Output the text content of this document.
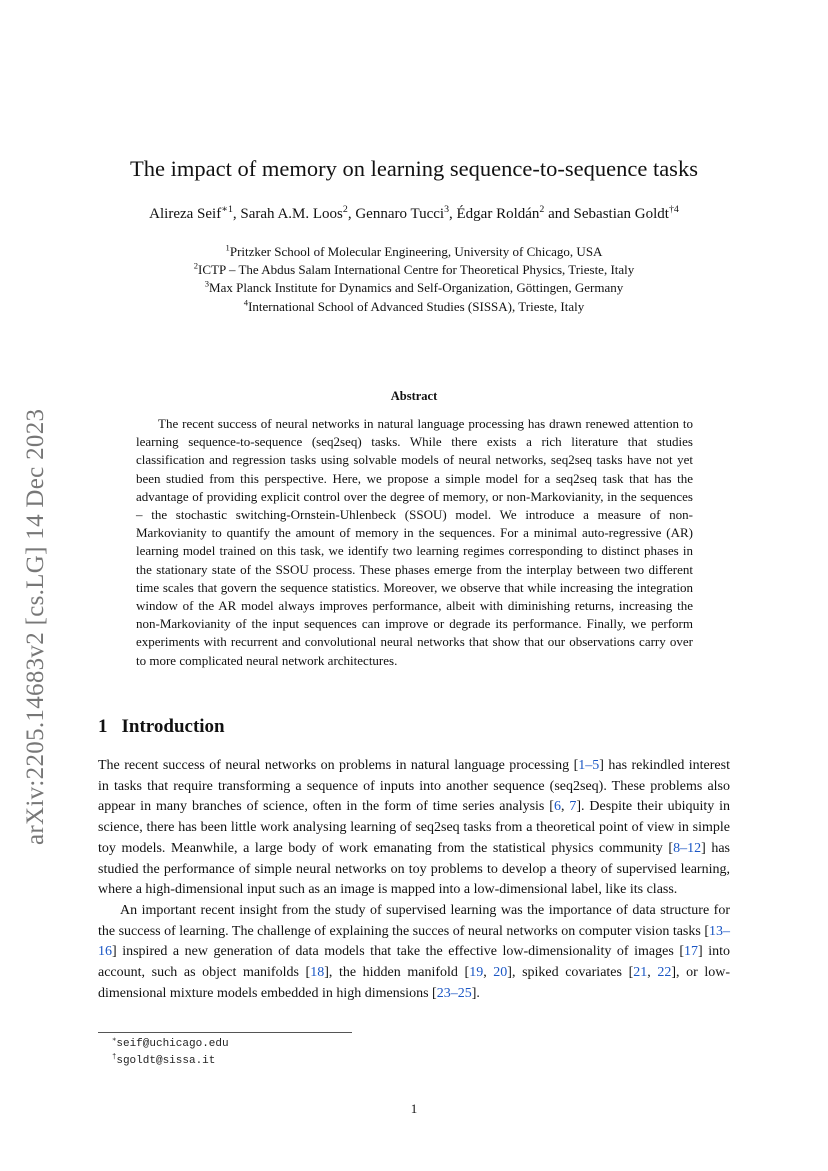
arXiv:2205.14683v2 [cs.LG] 14 Dec 2023
The impact of memory on learning sequence-to-sequence tasks
Alireza Seif$^{∗1}$, Sarah A.M. Loos$^2$, Gennaro Tucci$^3$, Édgar Roldán$^2$ and Sebastian Goldt$^{\dagger 4}$
$^1$Pritzker School of Molecular Engineering, University of Chicago, USA
$^2$ICTP – The Abdus Salam International Centre for Theoretical Physics, Trieste, Italy
$^3$Max Planck Institute for Dynamics and Self-Organization, Göttingen, Germany
$^4$International School of Advanced Studies (SISSA), Trieste, Italy
Abstract

The recent success of neural networks in natural language processing has drawn renewed attention to learning sequence-to-sequence (seq2seq) tasks. While there exists a rich literature that studies classification and regression tasks using solvable models of neural networks, seq2seq tasks have not yet been studied from this perspective. Here, we propose a simple model for a seq2seq task that has the advantage of providing explicit control over the degree of memory, or non-Markovianity, in the sequences – the stochastic switching-Ornstein-Uhlenbeck (SSOU) model. We introduce a measure of non-Markovianity to quantify the amount of memory in the sequences. For a minimal auto-regressive (AR) learning model trained on this task, we identify two learning regimes corresponding to distinct phases in the stationary state of the SSOU process. These phases emerge from the interplay between two different time scales that govern the sequence statistics. Moreover, we observe that while increasing the integration window of the AR model always improves performance, albeit with diminishing returns, increasing the non-Markovianity of the input sequences can improve or degrade its performance. Finally, we perform experiments with recurrent and convolutional neural networks that show that our observations carry over to more complicated neural network architectures.

1 Introduction

The recent success of neural networks on problems in natural language processing [1–5] has rekindled interest in tasks that require transforming a sequence of inputs into another sequence (seq2seq). These problems also appear in many branches of science, often in the form of time series analysis [6, 7]. Despite their ubiquity in science, there has been little work analysing learning of seq2seq tasks from a theoretical point of view in simple toy models. Meanwhile, a large body of work emanating from the statistical physics community [8–12] has studied the performance of simple neural networks on toy problems to develop a theory of supervised learning, where a high-dimensional input such as an image is mapped into a low-dimensional label, like its class.

An important recent insight from the study of supervised learning was the importance of data structure for the success of learning. The challenge of explaining the succes of neural networks on computer vision tasks [13–16] inspired a new generation of data models that take the effective low-dimensionality of images [17] into account, such as object manifolds [18], the hidden manifold [19, 20], spiked covariates [21, 22], or low-dimensional mixture models embedded in high dimensions [23–25].

∗seif@uchicago.edu
†sgoldt@sissa.it
1
